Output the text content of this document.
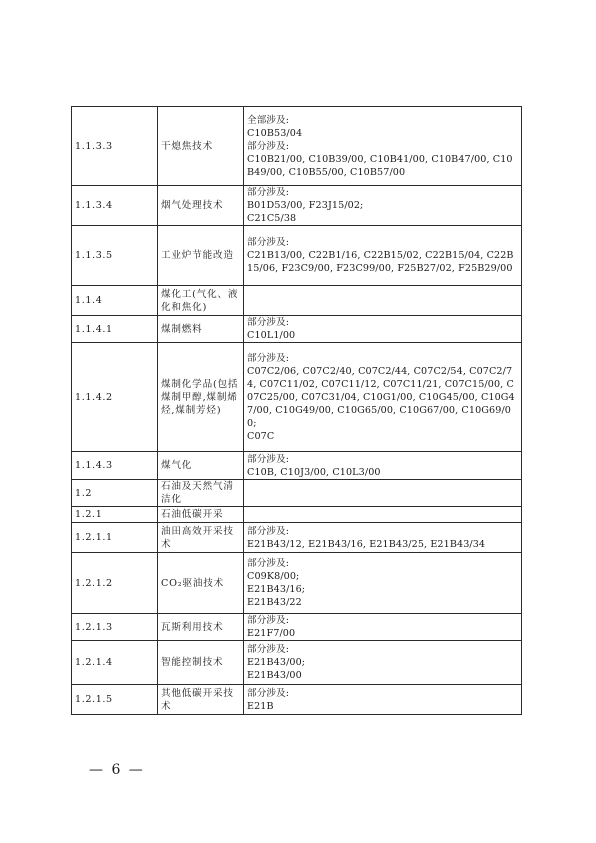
1.1.3.3	干熄焦技术	全部涉及:
C10B53/04
部分涉及:
C10B21/00, C10B39/00, C10B41/00, C10B47/00, C10B49/00, C10B55/00, C10B57/00

1.1.3.4	烟气处理技术	部分涉及:
B01D53/00, F23J15/02;
C21C5/38

1.1.3.5	工业炉节能改造	部分涉及:
C21B13/00, C22B1/16, C22B15/02, C22B15/04, C22B15/06, F23C9/00, F23C99/00, F25B27/02, F25B29/00

1.1.4	煤化工(气化、液化和焦化)	
1.1.4.1	煤制燃料	部分涉及:
C10L1/00

1.1.4.2	煤制化学品(包括煤制甲醇,煤制烯烃,煤制芳烃)	部分涉及:
C07C2/06, C07C2/40, C07C2/44, C07C2/54, C07C2/74, C07C11/02, C07C11/12, C07C11/21, C07C15/00, C07C25/00, C07C31/04, C10G1/00, C10G45/00, C10G47/00, C10G49/00, C10G65/00, C10G67/00, C10G69/00;
C07C

1.1.4.3	煤气化	部分涉及:
C10B, C10J3/00, C10L3/00

1.2	石油及天然气清洁化	
1.2.1	石油低碳开采	
1.2.1.1	油田高效开采技术	部分涉及:
E21B43/12, E21B43/16, E21B43/25, E21B43/34

1.2.1.2	CO₂驱油技术	部分涉及:
C09K8/00;
E21B43/16;
E21B43/22

1.2.1.3	瓦斯利用技术	部分涉及:
E21F7/00

1.2.1.4	智能控制技术	部分涉及:
E21B43/00;
E21B43/00

1.2.1.5	其他低碳开采技术	部分涉及:
E21B
— 6 —
